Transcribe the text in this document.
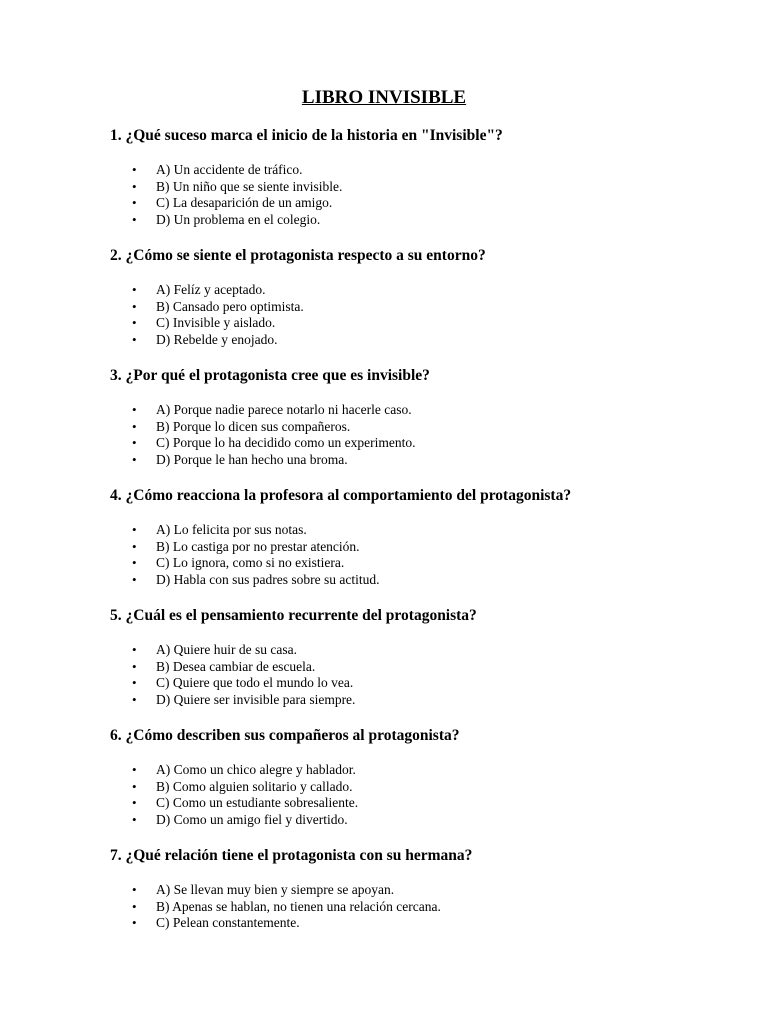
LIBRO INVISIBLE

1. ¿Qué suceso marca el inicio de la historia en "Invisible"?

• A) Un accidente de tráfico.
• B) Un niño que se siente invisible.
• C) La desaparición de un amigo.
• D) Un problema en el colegio.

2. ¿Cómo se siente el protagonista respecto a su entorno?

• A) Felíz y aceptado.
• B) Cansado pero optimista.
• C) Invisible y aislado.
• D) Rebelde y enojado.

3. ¿Por qué el protagonista cree que es invisible?

• A) Porque nadie parece notarlo ni hacerle caso.
• B) Porque lo dicen sus compañeros.
• C) Porque lo ha decidido como un experimento.
• D) Porque le han hecho una broma.

4. ¿Cómo reacciona la profesora al comportamiento del protagonista?

• A) Lo felicita por sus notas.
• B) Lo castiga por no prestar atención.
• C) Lo ignora, como si no existiera.
• D) Habla con sus padres sobre su actitud.

5. ¿Cuál es el pensamiento recurrente del protagonista?

• A) Quiere huir de su casa.
• B) Desea cambiar de escuela.
• C) Quiere que todo el mundo lo vea.
• D) Quiere ser invisible para siempre.

6. ¿Cómo describen sus compañeros al protagonista?

• A) Como un chico alegre y hablador.
• B) Como alguien solitario y callado.
• C) Como un estudiante sobresaliente.
• D) Como un amigo fiel y divertido.

7. ¿Qué relación tiene el protagonista con su hermana?

• A) Se llevan muy bien y siempre se apoyan.
• B) Apenas se hablan, no tienen una relación cercana.
• C) Pelean constantemente.
